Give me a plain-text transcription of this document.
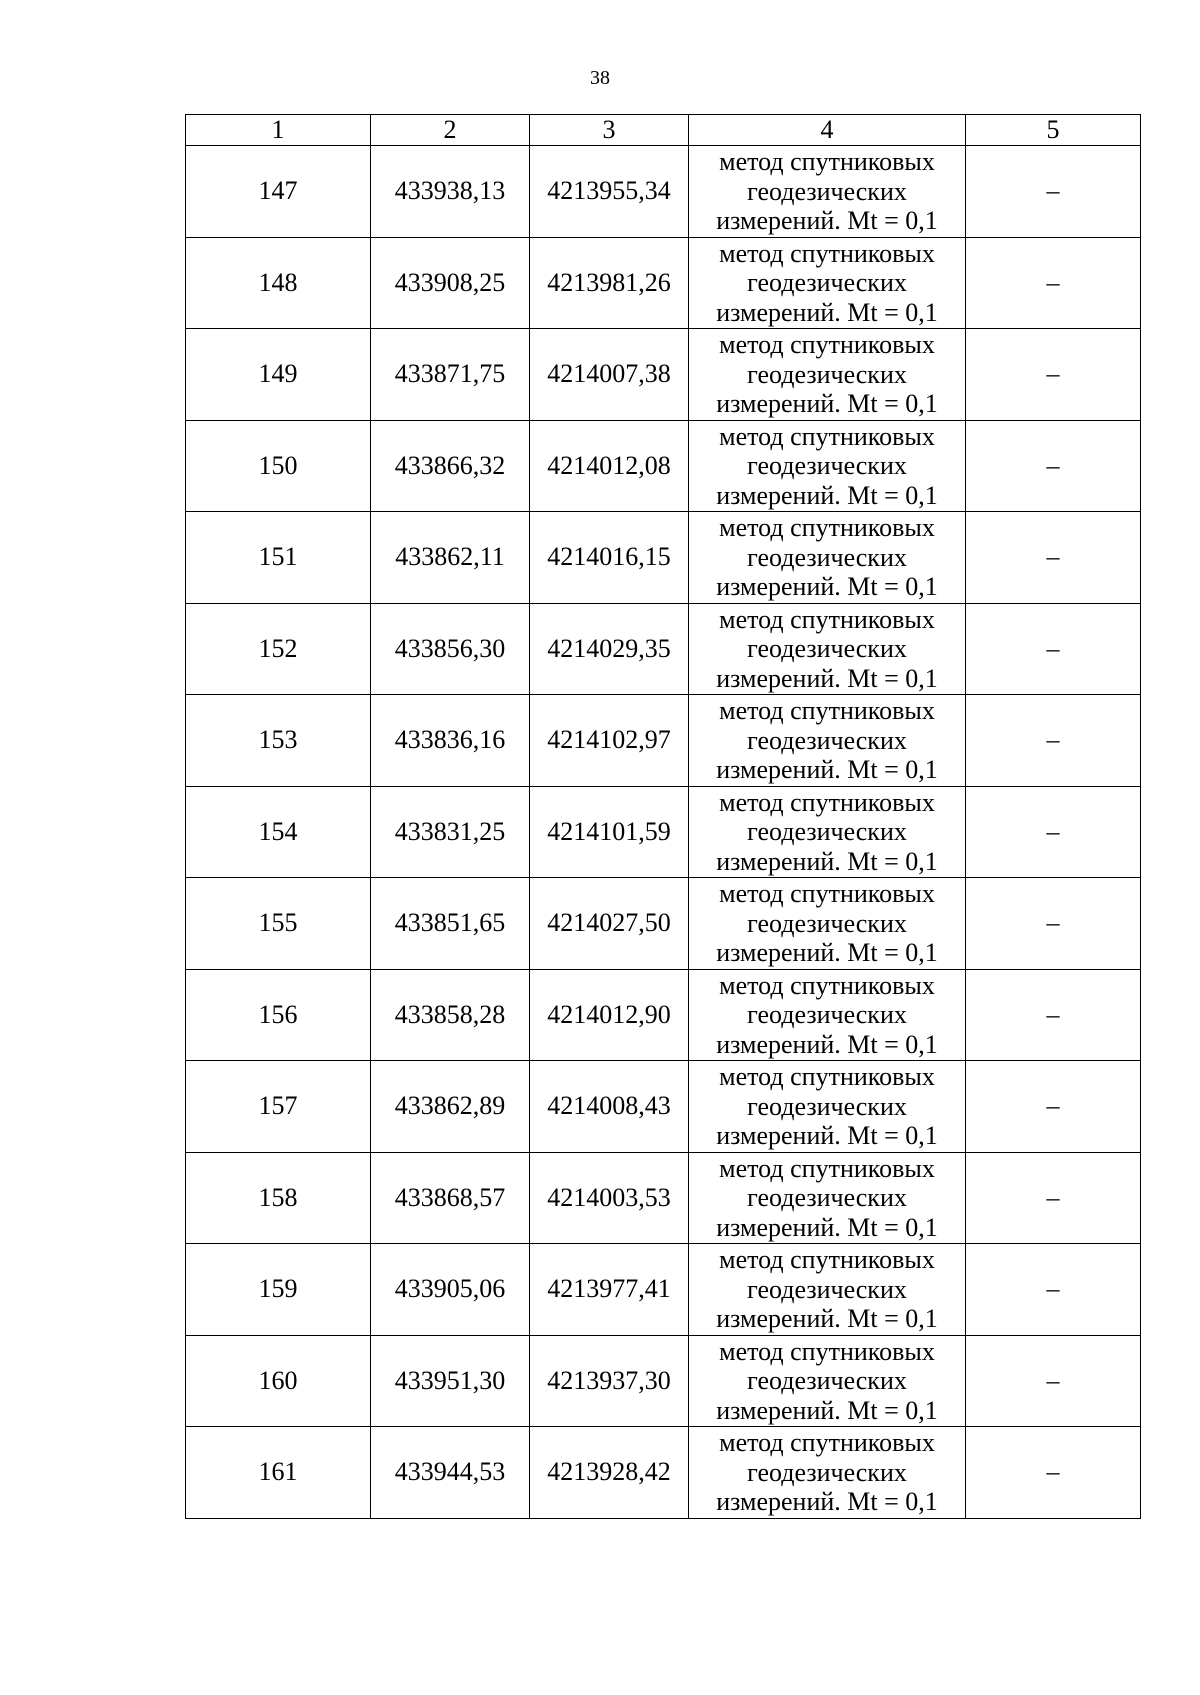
38
1	2	3	4	5
147	433938,13	4213955,34	метод спутниковых
геодезических
измерений. Mt = 0,1	–
148	433908,25	4213981,26	метод спутниковых
геодезических
измерений. Mt = 0,1	–
149	433871,75	4214007,38	метод спутниковых
геодезических
измерений. Mt = 0,1	–
150	433866,32	4214012,08	метод спутниковых
геодезических
измерений. Mt = 0,1	–
151	433862,11	4214016,15	метод спутниковых
геодезических
измерений. Mt = 0,1	–
152	433856,30	4214029,35	метод спутниковых
геодезических
измерений. Mt = 0,1	–
153	433836,16	4214102,97	метод спутниковых
геодезических
измерений. Mt = 0,1	–
154	433831,25	4214101,59	метод спутниковых
геодезических
измерений. Mt = 0,1	–
155	433851,65	4214027,50	метод спутниковых
геодезических
измерений. Mt = 0,1	–
156	433858,28	4214012,90	метод спутниковых
геодезических
измерений. Mt = 0,1	–
157	433862,89	4214008,43	метод спутниковых
геодезических
измерений. Mt = 0,1	–
158	433868,57	4214003,53	метод спутниковых
геодезических
измерений. Mt = 0,1	–
159	433905,06	4213977,41	метод спутниковых
геодезических
измерений. Mt = 0,1	–
160	433951,30	4213937,30	метод спутниковых
геодезических
измерений. Mt = 0,1	–
161	433944,53	4213928,42	метод спутниковых
геодезических
измерений. Mt = 0,1	–
